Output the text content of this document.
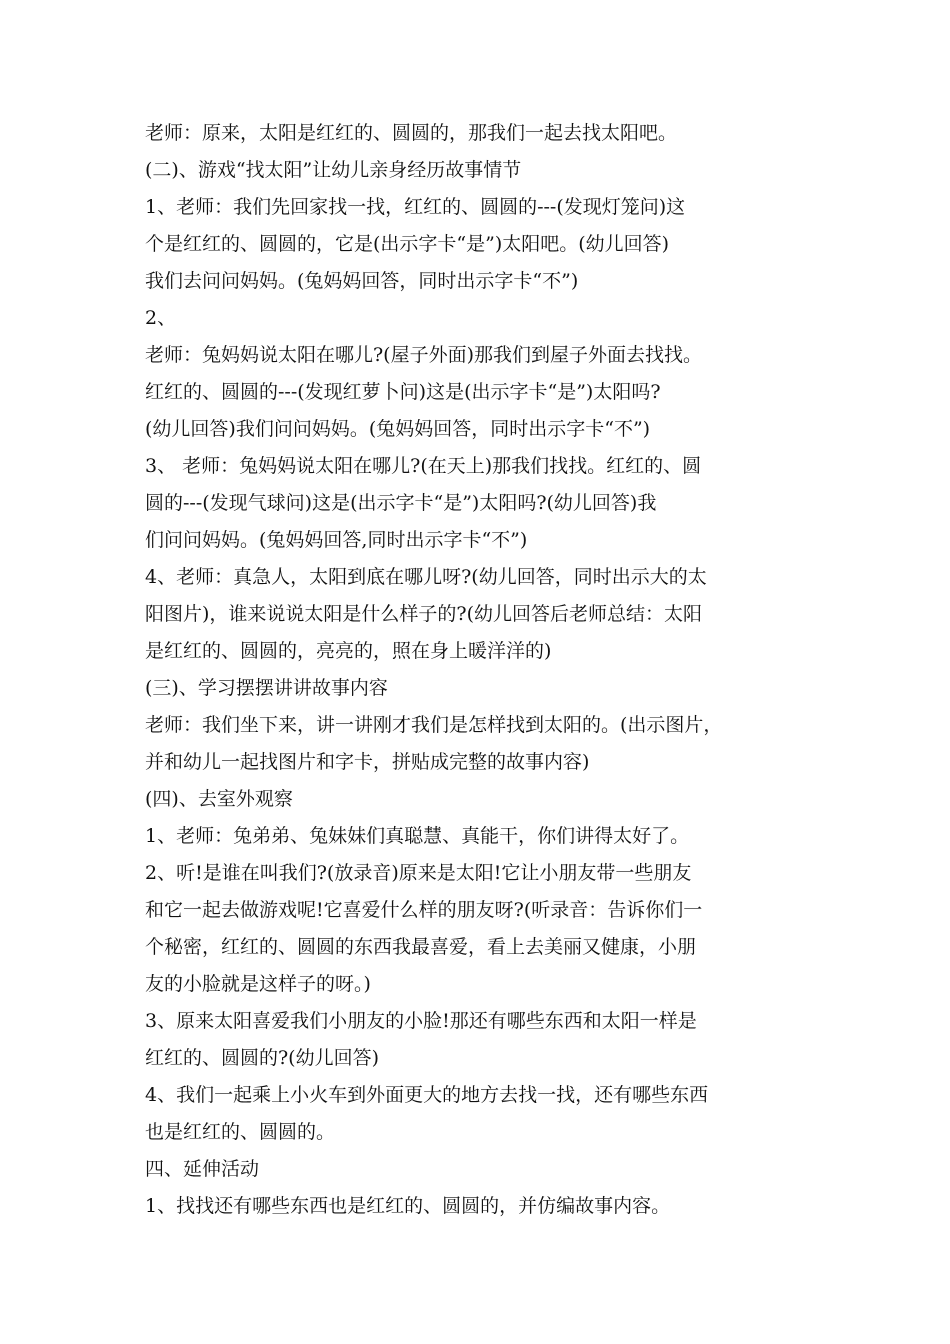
老师：原来，太阳是红红的、圆圆的，那我们一起去找太阳吧。
(二)、游戏“找太阳”让幼儿亲身经历故事情节
1、老师：我们先回家找一找，红红的、圆圆的---(发现灯笼问)这
个是红红的、圆圆的，它是(出示字卡“是”)太阳吧。(幼儿回答)
我们去问问妈妈。(兔妈妈回答，同时出示字卡“不”)
2、
老师：兔妈妈说太阳在哪儿?(屋子外面)那我们到屋子外面去找找。
红红的、圆圆的---(发现红萝卜问)这是(出示字卡“是”)太阳吗?
(幼儿回答)我们问问妈妈。(兔妈妈回答，同时出示字卡“不”)
3、 老师：兔妈妈说太阳在哪儿?(在天上)那我们找找。红红的、圆
圆的---(发现气球问)这是(出示字卡“是”)太阳吗?(幼儿回答)我
们问问妈妈。(兔妈妈回答,同时出示字卡“不”)
4、老师：真急人，太阳到底在哪儿呀?(幼儿回答，同时出示大的太
阳图片)，谁来说说太阳是什么样子的?(幼儿回答后老师总结：太阳
是红红的、圆圆的，亮亮的，照在身上暖洋洋的)
(三)、学习摆摆讲讲故事内容
老师：我们坐下来，讲一讲刚才我们是怎样找到太阳的。(出示图片，
并和幼儿一起找图片和字卡，拼贴成完整的故事内容)
(四)、去室外观察
1、老师：兔弟弟、兔妹妹们真聪慧、真能干，你们讲得太好了。
2、听!是谁在叫我们?(放录音)原来是太阳!它让小朋友带一些朋友
和它一起去做游戏呢!它喜爱什么样的朋友呀?(听录音：告诉你们一
个秘密，红红的、圆圆的东西我最喜爱，看上去美丽又健康，小朋
友的小脸就是这样子的呀。)
3、原来太阳喜爱我们小朋友的小脸!那还有哪些东西和太阳一样是
红红的、圆圆的?(幼儿回答)
4、我们一起乘上小火车到外面更大的地方去找一找，还有哪些东西
也是红红的、圆圆的。
四、延伸活动
1、找找还有哪些东西也是红红的、圆圆的，并仿编故事内容。
